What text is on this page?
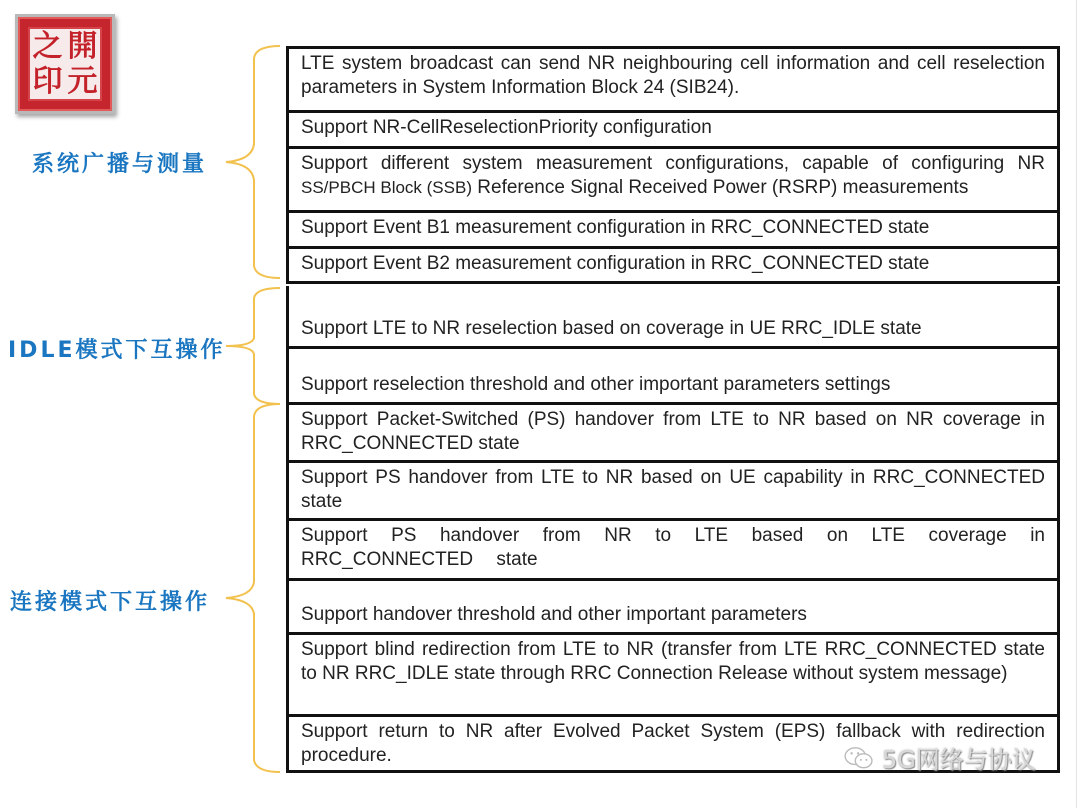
之 開
印 元
系统广播与测量
IDLE模式下互操作
连接模式下互操作
LTE system broadcast can send NR neighbouring cell information and cell reselection parameters in System Information Block 24 (SIB24).
Support NR-CellReselectionPriority configuration
Support different system measurement configurations, capable of configuring NR SS/PBCH Block (SSB) Reference Signal Received Power (RSRP) measurements
Support Event B1 measurement configuration in RRC_CONNECTED state
Support Event B2 measurement configuration in RRC_CONNECTED state
Support LTE to NR reselection based on coverage in UE RRC_IDLE state
Support reselection threshold and other important parameters settings
Support Packet-Switched (PS) handover from LTE to NR based on NR coverage in RRC_CONNECTED state
Support PS handover from LTE to NR based on UE capability in RRC_CONNECTED state
Support PS handover from NR to LTE based on LTE coverage in RRC_CONNECTED state
Support handover threshold and other important parameters
Support blind redirection from LTE to NR (transfer from LTE RRC_CONNECTED state to NR RRC_IDLE state through RRC Connection Release without system message)
Support return to NR after Evolved Packet System (EPS) fallback with redirection procedure.	5G网络与协议
